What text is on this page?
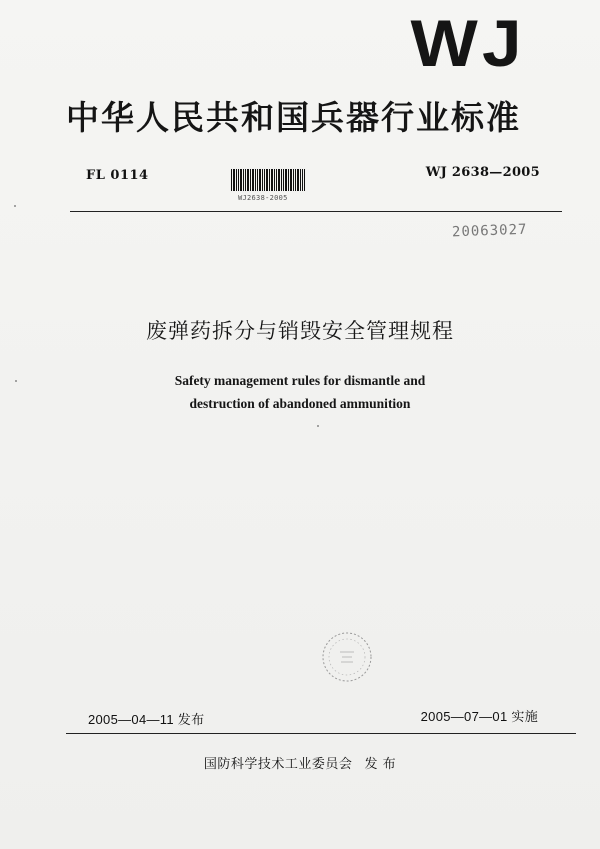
WJ
中华人民共和国兵器行业标准
FL 0114
WJ2638-2005
WJ 2638—2005
20063027
废弹药拆分与销毁安全管理规程
Safety management rules for dismantle and
destruction of abandoned ammunition
2005—04—11 发布	2005—07—01 实施
国防科学技术工业委员会 发 布
